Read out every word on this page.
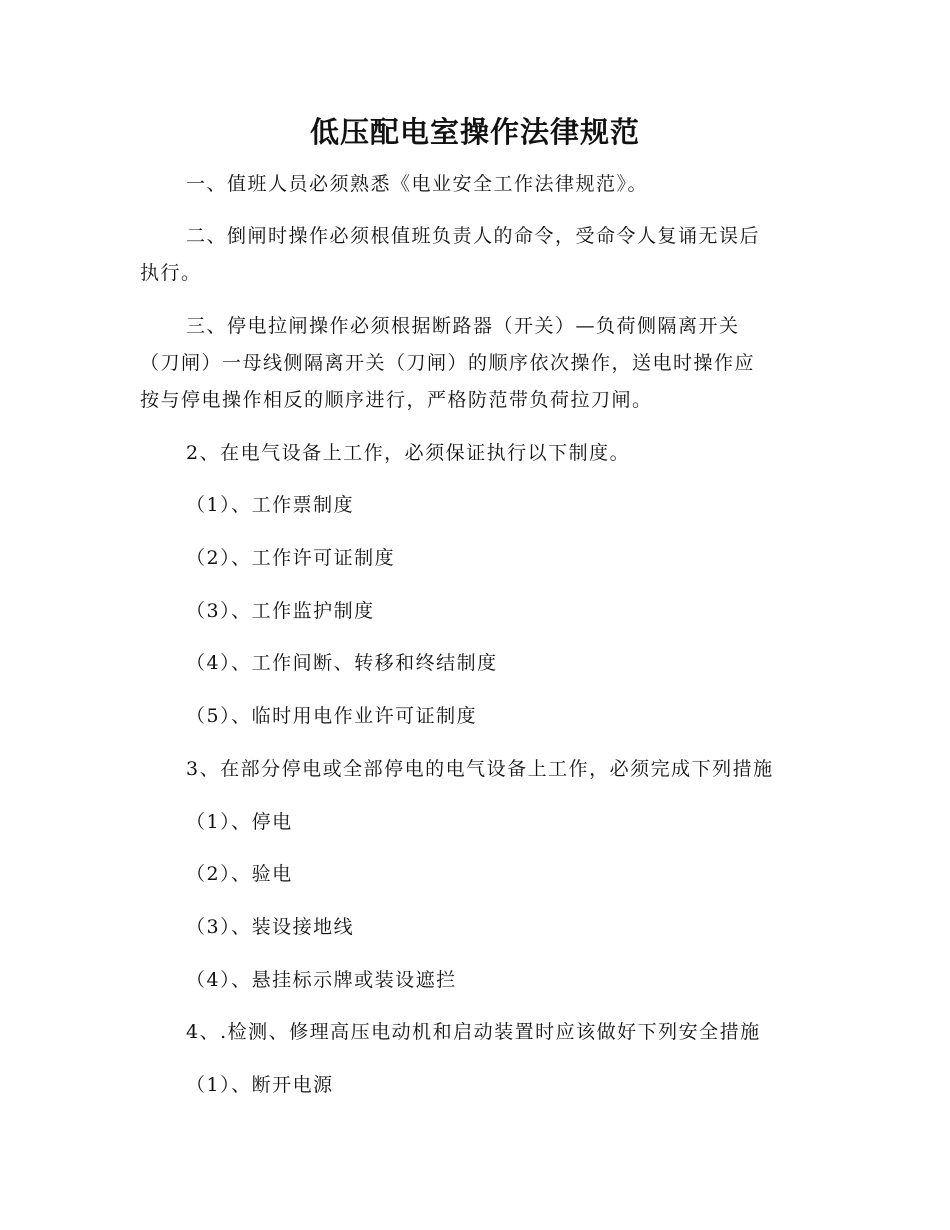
低压配电室操作法律规范
一、值班人员必须熟悉《电业安全工作法律规范》。
二、倒闸时操作必须根值班负责人的命令，受命令人复诵无误后
执行。
三、停电拉闸操作必须根据断路器（开关）—负荷侧隔离开关
（刀闸）一母线侧隔离开关（刀闸）的顺序依次操作，送电时操作应
按与停电操作相反的顺序进行，严格防范带负荷拉刀闸。
2、在电气设备上工作，必须保证执行以下制度。
（1）、工作票制度
（2）、工作许可证制度
（3）、工作监护制度
（4）、工作间断、转移和终结制度
（5）、临时用电作业许可证制度
3、在部分停电或全部停电的电气设备上工作，必须完成下列措施
（1）、停电
（2）、验电
（3）、装设接地线
（4）、悬挂标示牌或装设遮拦
4、.检测、修理高压电动机和启动装置时应该做好下列安全措施
（1）、断开电源
